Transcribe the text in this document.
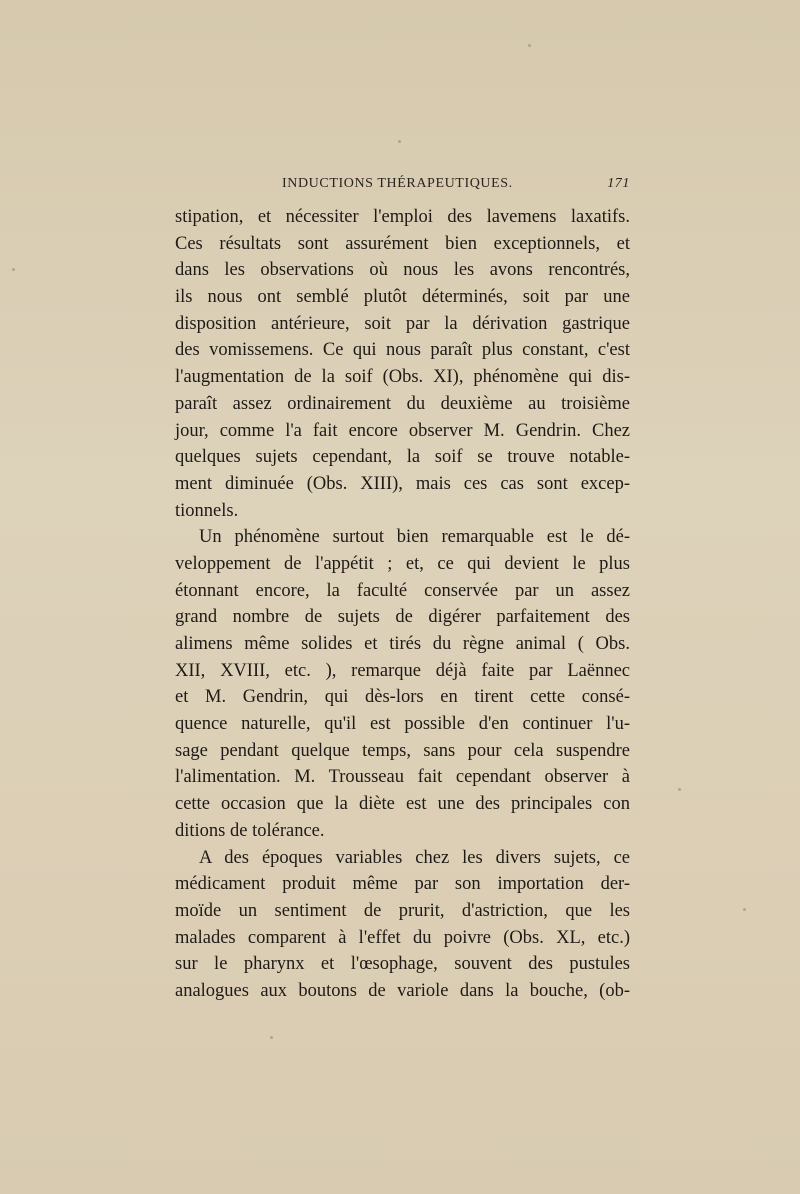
INDUCTIONS THÉRAPEUTIQUES.	171
stipation, et nécessiter l'emploi des lavemens laxatifs.
Ces résultats sont assurément bien exceptionnels, et
dans les observations où nous les avons rencontrés,
ils nous ont semblé plutôt déterminés, soit par une
disposition antérieure, soit par la dérivation gastrique
des vomissemens. Ce qui nous paraît plus constant, c'est
l'augmentation de la soif (Obs. XI), phénomène qui dis-
paraît assez ordinairement du deuxième au troisième
jour, comme l'a fait encore observer M. Gendrin. Chez
quelques sujets cependant, la soif se trouve notable-
ment diminuée (Obs. XIII), mais ces cas sont excep-
tionnels.
Un phénomène surtout bien remarquable est le dé-
veloppement de l'appétit ; et, ce qui devient le plus
étonnant encore, la faculté conservée par un assez
grand nombre de sujets de digérer parfaitement des
alimens même solides et tirés du règne animal ( Obs.
XII, XVIII, etc. ), remarque déjà faite par Laënnec
et M. Gendrin, qui dès-lors en tirent cette consé-
quence naturelle, qu'il est possible d'en continuer l'u-
sage pendant quelque temps, sans pour cela suspendre
l'alimentation. M. Trousseau fait cependant observer à
cette occasion que la diète est une des principales con
ditions de tolérance.
A des époques variables chez les divers sujets, ce
médicament produit même par son importation der-
moïde un sentiment de prurit, d'astriction, que les
malades comparent à l'effet du poivre (Obs. XL, etc.)
sur le pharynx et l'œsophage, souvent des pustules
analogues aux boutons de variole dans la bouche, (ob-
